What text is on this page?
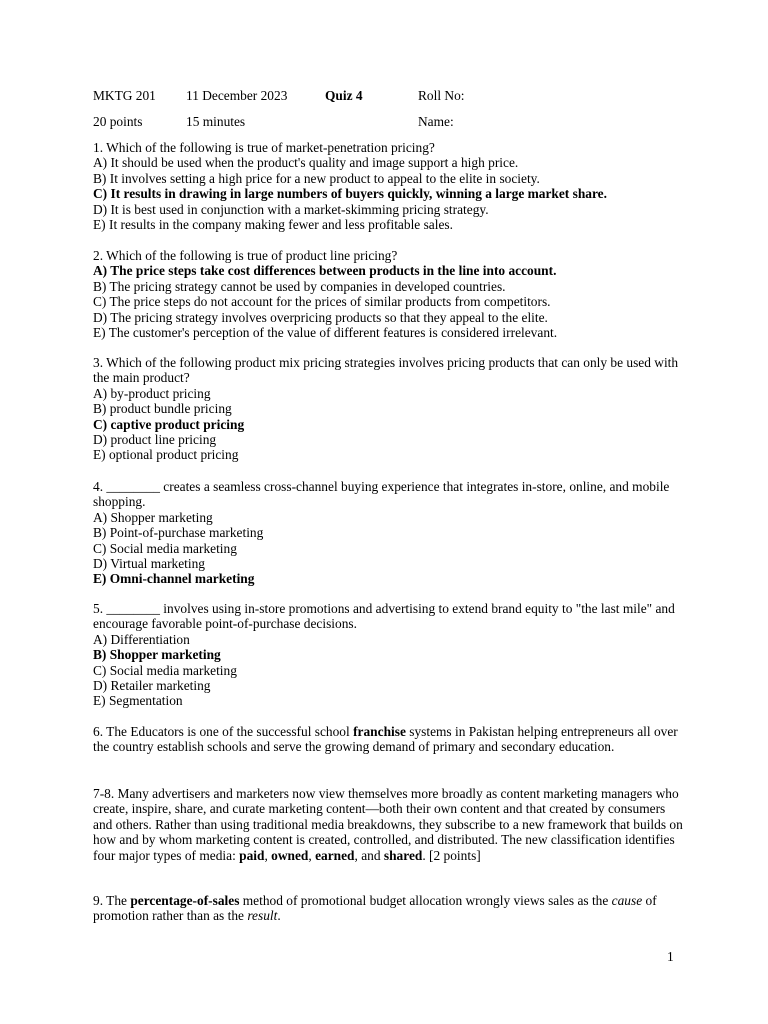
MKTG 201 11 December 2023	Quiz 4	Roll No:
20 points	15 minutes	Name:

1. Which of the following is true of market-penetration pricing?

A) It should be used when the product's quality and image support a high price.

B) It involves setting a high price for a new product to appeal to the elite in society.

C) It results in drawing in large numbers of buyers quickly, winning a large market share.

D) It is best used in conjunction with a market-skimming pricing strategy.

E) It results in the company making fewer and less profitable sales.

2. Which of the following is true of product line pricing?

A) The price steps take cost differences between products in the line into account.

B) The pricing strategy cannot be used by companies in developed countries.

C) The price steps do not account for the prices of similar products from competitors.

D) The pricing strategy involves overpricing products so that they appeal to the elite.

E) The customer's perception of the value of different features is considered irrelevant.

3. Which of the following product mix pricing strategies involves pricing products that can only be used with the main product?

A) by-product pricing

B) product bundle pricing

C) captive product pricing

D) product line pricing

E) optional product pricing

4. ________ creates a seamless cross-channel buying experience that integrates in-store, online, and mobile shopping.

A) Shopper marketing

B) Point-of-purchase marketing

C) Social media marketing

D) Virtual marketing

E) Omni-channel marketing

5. ________ involves using in-store promotions and advertising to extend brand equity to "the last mile" and encourage favorable point-of-purchase decisions.

A) Differentiation

B) Shopper marketing

C) Social media marketing

D) Retailer marketing

E) Segmentation

6. The Educators is one of the successful school franchise systems in Pakistan helping entrepreneurs all over the country establish schools and serve the growing demand of primary and secondary education.

7-8. Many advertisers and marketers now view themselves more broadly as content marketing managers who create, inspire, share, and curate marketing content—both their own content and that created by consumers and others. Rather than using traditional media breakdowns, they subscribe to a new framework that builds on how and by whom marketing content is created, controlled, and distributed. The new classification identifies four major types of media: paid, owned, earned, and shared. [2 points]

9. The percentage-of-sales method of promotional budget allocation wrongly views sales as the cause of promotion rather than as the result.

1
